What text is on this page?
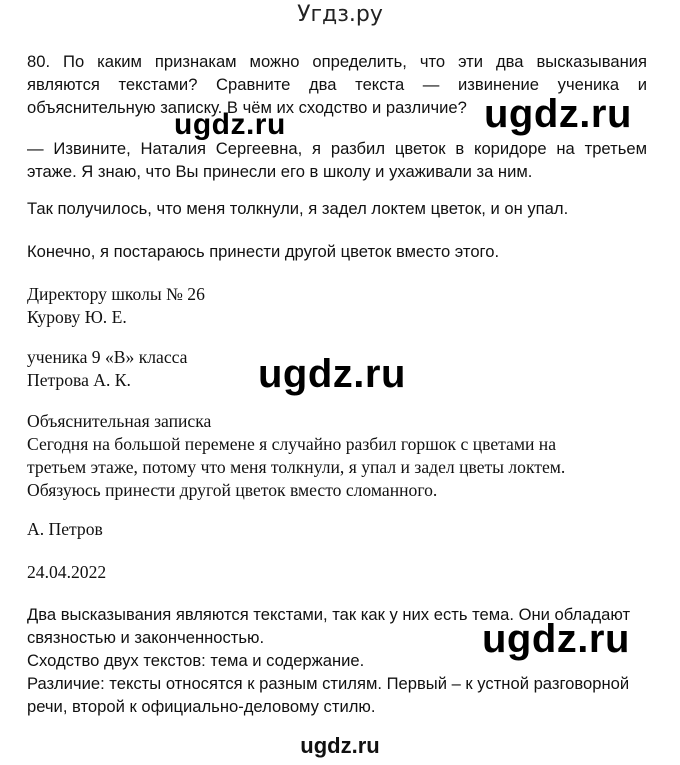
Угдз.ру
80. По каким признакам можно определить, что эти два высказывания являются текстами? Сравните два текста — извинение ученика и объяснительную записку. В чём их сходство и различие? ugdz.ru
ugdz.ru
— Извините, Наталия Сергеевна, я разбил цветок в коридоре на третьем этаже. Я знаю, что Вы принесли его в школу и ухаживали за ним.
Так получилось, что меня толкнули, я задел локтем цветок, и он упал.
Конечно, я постараюсь принести другой цветок вместо этого.
Директору школы № 26
Курову Ю. Е.
ученика 9 «В» класса
Петрова А. К.	ugdz.ru
Объяснительная записка
Сегодня на большой перемене я случайно разбил горшок с цветами на
третьем этаже, потому что меня толкнули, я упал и задел цветы локтем.
Обязуюсь принести другой цветок вместо сломанного.
А. Петров
24.04.2022
Два высказывания являются текстами, так как у них есть тема. Они обладают
связностью и законченностью.
Сходство двух текстов: тема и содержание.
Различие: тексты относятся к разным стилям. Первый – к устной разговорной
речи, второй к официально-деловому стилю.
ugdz.ru
ugdz.ru
